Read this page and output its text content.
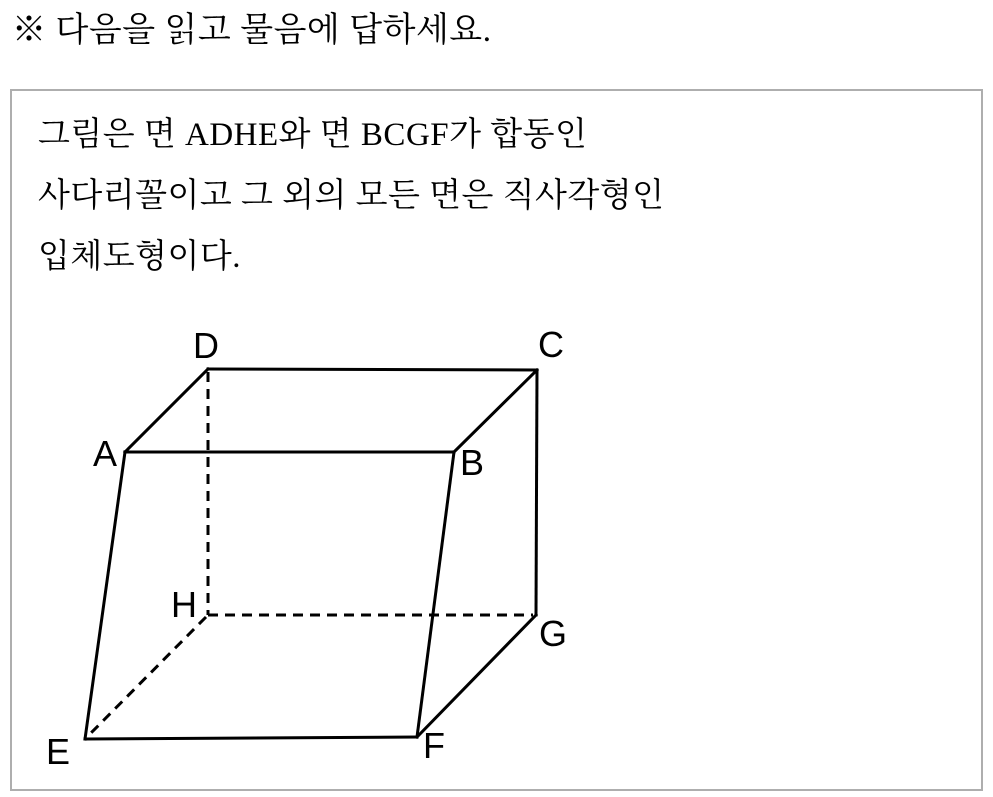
※ 다음을 읽고 물음에 답하세요.
그림은 면 ADHE와 면 BCGF가 합동인
사다리꼴이고 그 외의 모든 면은 직사각형인
입체도형이다.
A	B
C
D
E	F
G
H
